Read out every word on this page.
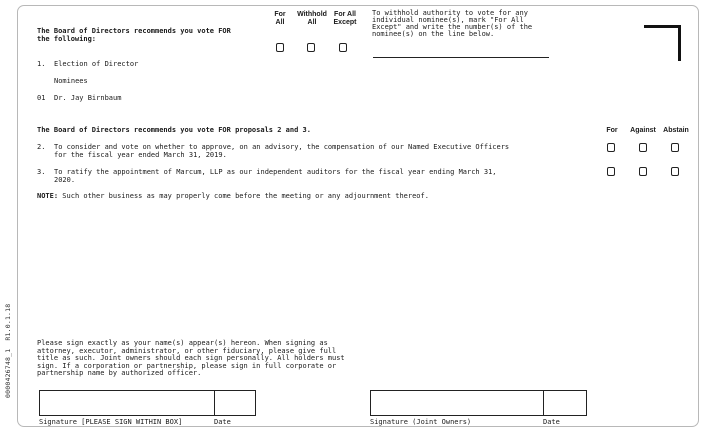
0000426748_1R1.0.1.18
The Board of Directors recommends you vote FOR
the following:
For
All
Withhold
All
For All
Except
To withhold authority to vote for any
individual nominee(s), mark "For All
Except" and write the number(s) of the
nominee(s) on the line below.
1. Election of Director
Nominees
01 Dr. Jay Birnbaum
The Board of Directors recommends you vote FOR proposals 2 and 3.	For	Against	Abstain
2. To consider and vote on whether to approve, on an advisory, the compensation of our Named Executive Officers
for the fiscal year ended March 31, 2019.
3. To ratify the appointment of Marcum, LLP as our independent auditors for the fiscal year ending March 31,
2020.
NOTE: Such other business as may properly come before the meeting or any adjournment thereof.
Please sign exactly as your name(s) appear(s) hereon. When signing as
attorney, executor, administrator, or other fiduciary, please give full
title as such. Joint owners should each sign personally. All holders must
sign. If a corporation or partnership, please sign in full corporate or
partnership name by authorized officer.
Signature [PLEASE SIGN WITHIN BOX]	Date	Signature (Joint Owners)	Date
